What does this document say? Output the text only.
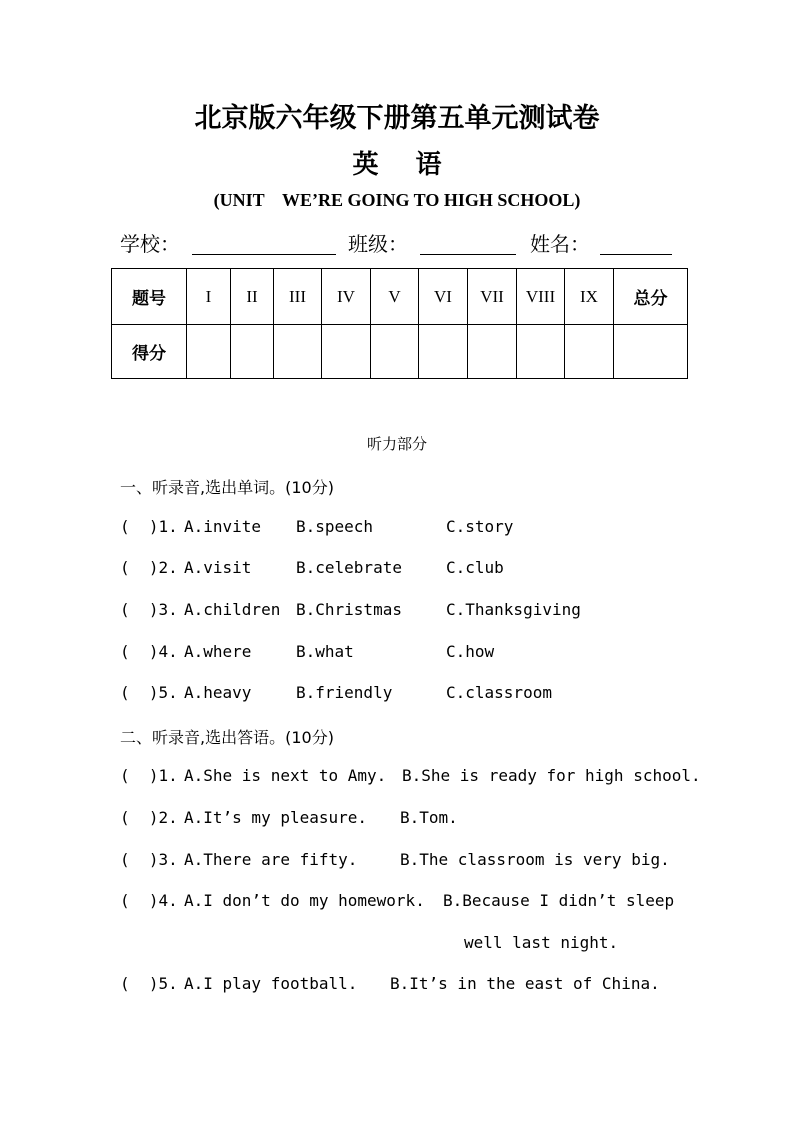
北京版六年级下册第五单元测试卷
英 语
(UNIT    WE’RE GOING TO HIGH SCHOOL)
学校：	班级：	姓名：
题号	I	II	III	IV	V	VI	VII	VIII	IX	总分
得分										
听力部分
一、听录音,选出单词。(10分)

(  )1.

A.invite

B.speech

	C.story

(  )2.

A.visit

	B.celebrate

	C.club

(  )3.

A.children

B.Christmas

	C.Thanksgiving

(  )4.

A.where

	B.what

	C.how

(  )5.

A.heavy

	B.friendly

	C.classroom

二、听录音,选出答语。(10分)

(  )1.

A.She is next to Amy.

B.She is ready for high school.

(  )2.

A.It’s my pleasure.

B.Tom.

(  )3.

A.There are fifty.

	B.The classroom is very big.

(  )4.

A.I don’t do my homework.

B.Because I didn’t sleep

well last night.

(  )5.

A.I play football.

B.It’s in the east of China.
